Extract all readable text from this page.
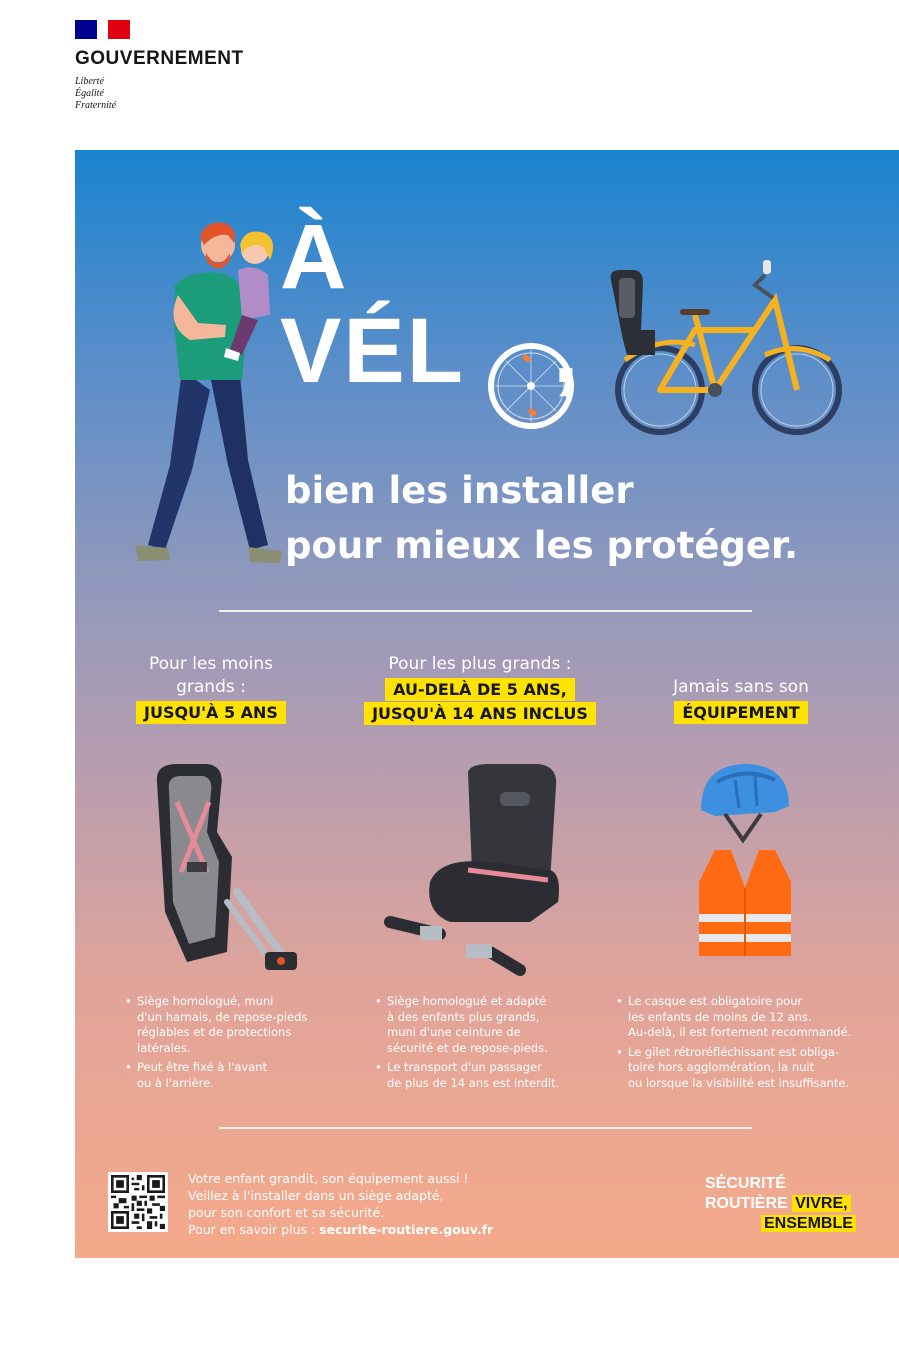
GOUVERNEMENT
Liberté
Égalité
Fraternité
À
VÉL ,
bien les installer
pour mieux les protéger.
Pour les moins
grands :
JUSQU'À 5 ANS
Pour les plus grands :
AU-DELÀ DE 5 ANS,
JUSQU'À 14 ANS INCLUS
Jamais sans son
ÉQUIPEMENT
• Siège homologué, muni
d'un harnais, de repose-pieds
réglables et de protections
latérales.
• Peut être fixé à l'avant
ou à l'arrière.
• Siège homologué et adapté
à des enfants plus grands,
muni d'une ceinture de
sécurité et de repose-pieds.
• Le transport d'un passager
de plus de 14 ans est interdit.
• Le casque est obligatoire pour
les enfants de moins de 12 ans.
Au-delà, il est fortement recommandé.
• Le gilet rétroréfléchissant est obliga-
toire hors agglomération, la nuit
ou lorsque la visibilité est insuffisante.
Votre enfant grandit, son équipement aussi !
Veillez à l'installer dans un siège adapté,
pour son confort et sa sécurité.
Pour en savoir plus : securite-routiere.gouv.fr
SÉCURITÉ
ROUTIÈRE VIVRE,
ENSEMBLE
